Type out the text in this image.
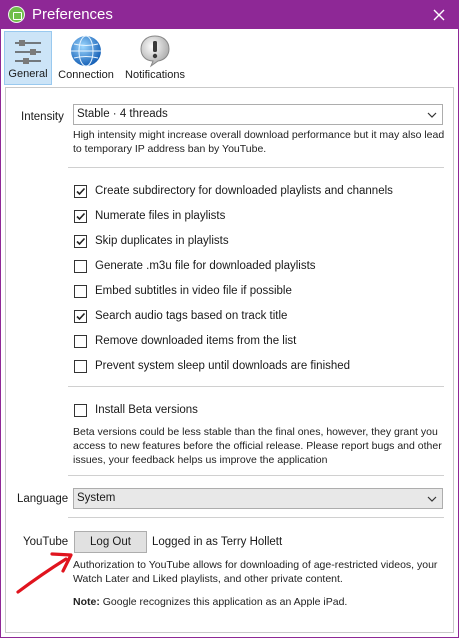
Preferences
General Connection	Notifications
Intensity Stable · 4 threads
High intensity might increase overall download performance but it may also lead to temporary IP address ban by YouTube.
Create subdirectory for downloaded playlists and channels
Numerate files in playlists
Skip duplicates in playlists
Generate .m3u file for downloaded playlists
Embed subtitles in video file if possible
Search audio tags based on track title
Remove downloaded items from the list
Prevent system sleep until downloads are finished
Install Beta versions
Beta versions could be less stable than the final ones, however, they grant you access to new features before the official release. Please report bugs and other issues, your feedback helps us improve the application
Language System
YouTube	Log Out	Logged in as Terry Hollett
Authorization to YouTube allows for downloading of age-restricted videos, your Watch Later and Liked playlists, and other private content.
Note: Google recognizes this application as an Apple iPad.
